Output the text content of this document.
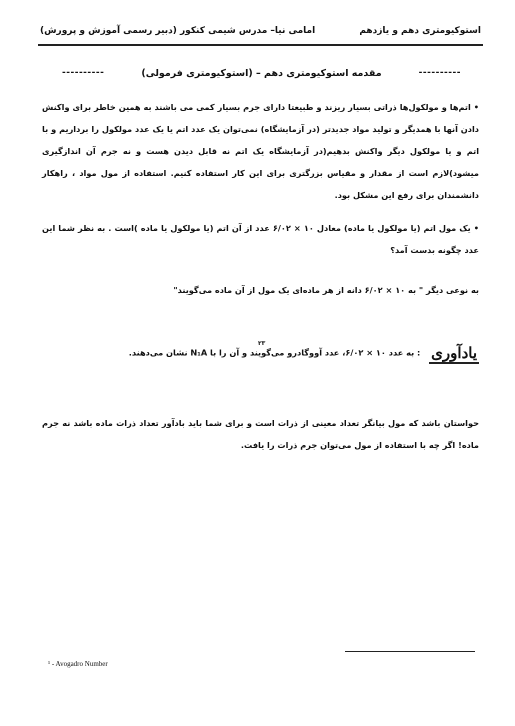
استوکیومتری دهم و یازدهم
امامی نیا– مدرس شیمی کنکور (دبیر رسمی آموزش و پرورش)
----------	مقدمه استوکیومتری دهم – (استوکیومتری فرمولی)	----------
• اتم‌ها و مولکول‌ها ذراتی بسیار ریزند و طبیعتا دارای جرم بسیار کمی می باشند به همین خاطر برای واکنش دادن آنها با همدیگر و تولید مواد جدیدتر (در آزمایشگاه) نمی‌توان یک عدد اتم یا یک عدد مولکول را برداریم و با اتم و یا مولکول دیگر واکنش بدهیم(در آزمایشگاه یک اتم نه قابل دیدن هست و نه جرم آن اندازگیری میشود)لازم است از مقدار و مقیاس بزرگتری برای این کار استفاده کنیم. استفاده از مول مواد ، راهکار دانشمندان برای رفع این مشکل بود.
• یک مول اتم (یا مولکول یا ماده) معادل ۱۰ × ۶/۰۲ عدد از آن اتم (یا مولکول یا ماده )است . به نظر شما این عدد چگونه بدست آمد؟
به نوعی دیگر " به ۱۰ × ۶/۰۲ دانه از هر ماده‌ای یک مول از آن ماده می‌گویند"
یادآوری : به عدد ۱۰ × ۶/۰۲، عدد آووگادرو می‌گویند و آن را با N₁A نشان می‌دهند.
۲۳
حواستان باشد که مول بیانگر تعداد معینی از ذرات است و برای شما باید بادآور تعداد ذرات ماده باشد نه جرم ماده! اگر چه با استفاده از مول می‌توان جرم ذرات را یافت.
¹ - Avogadro Number
